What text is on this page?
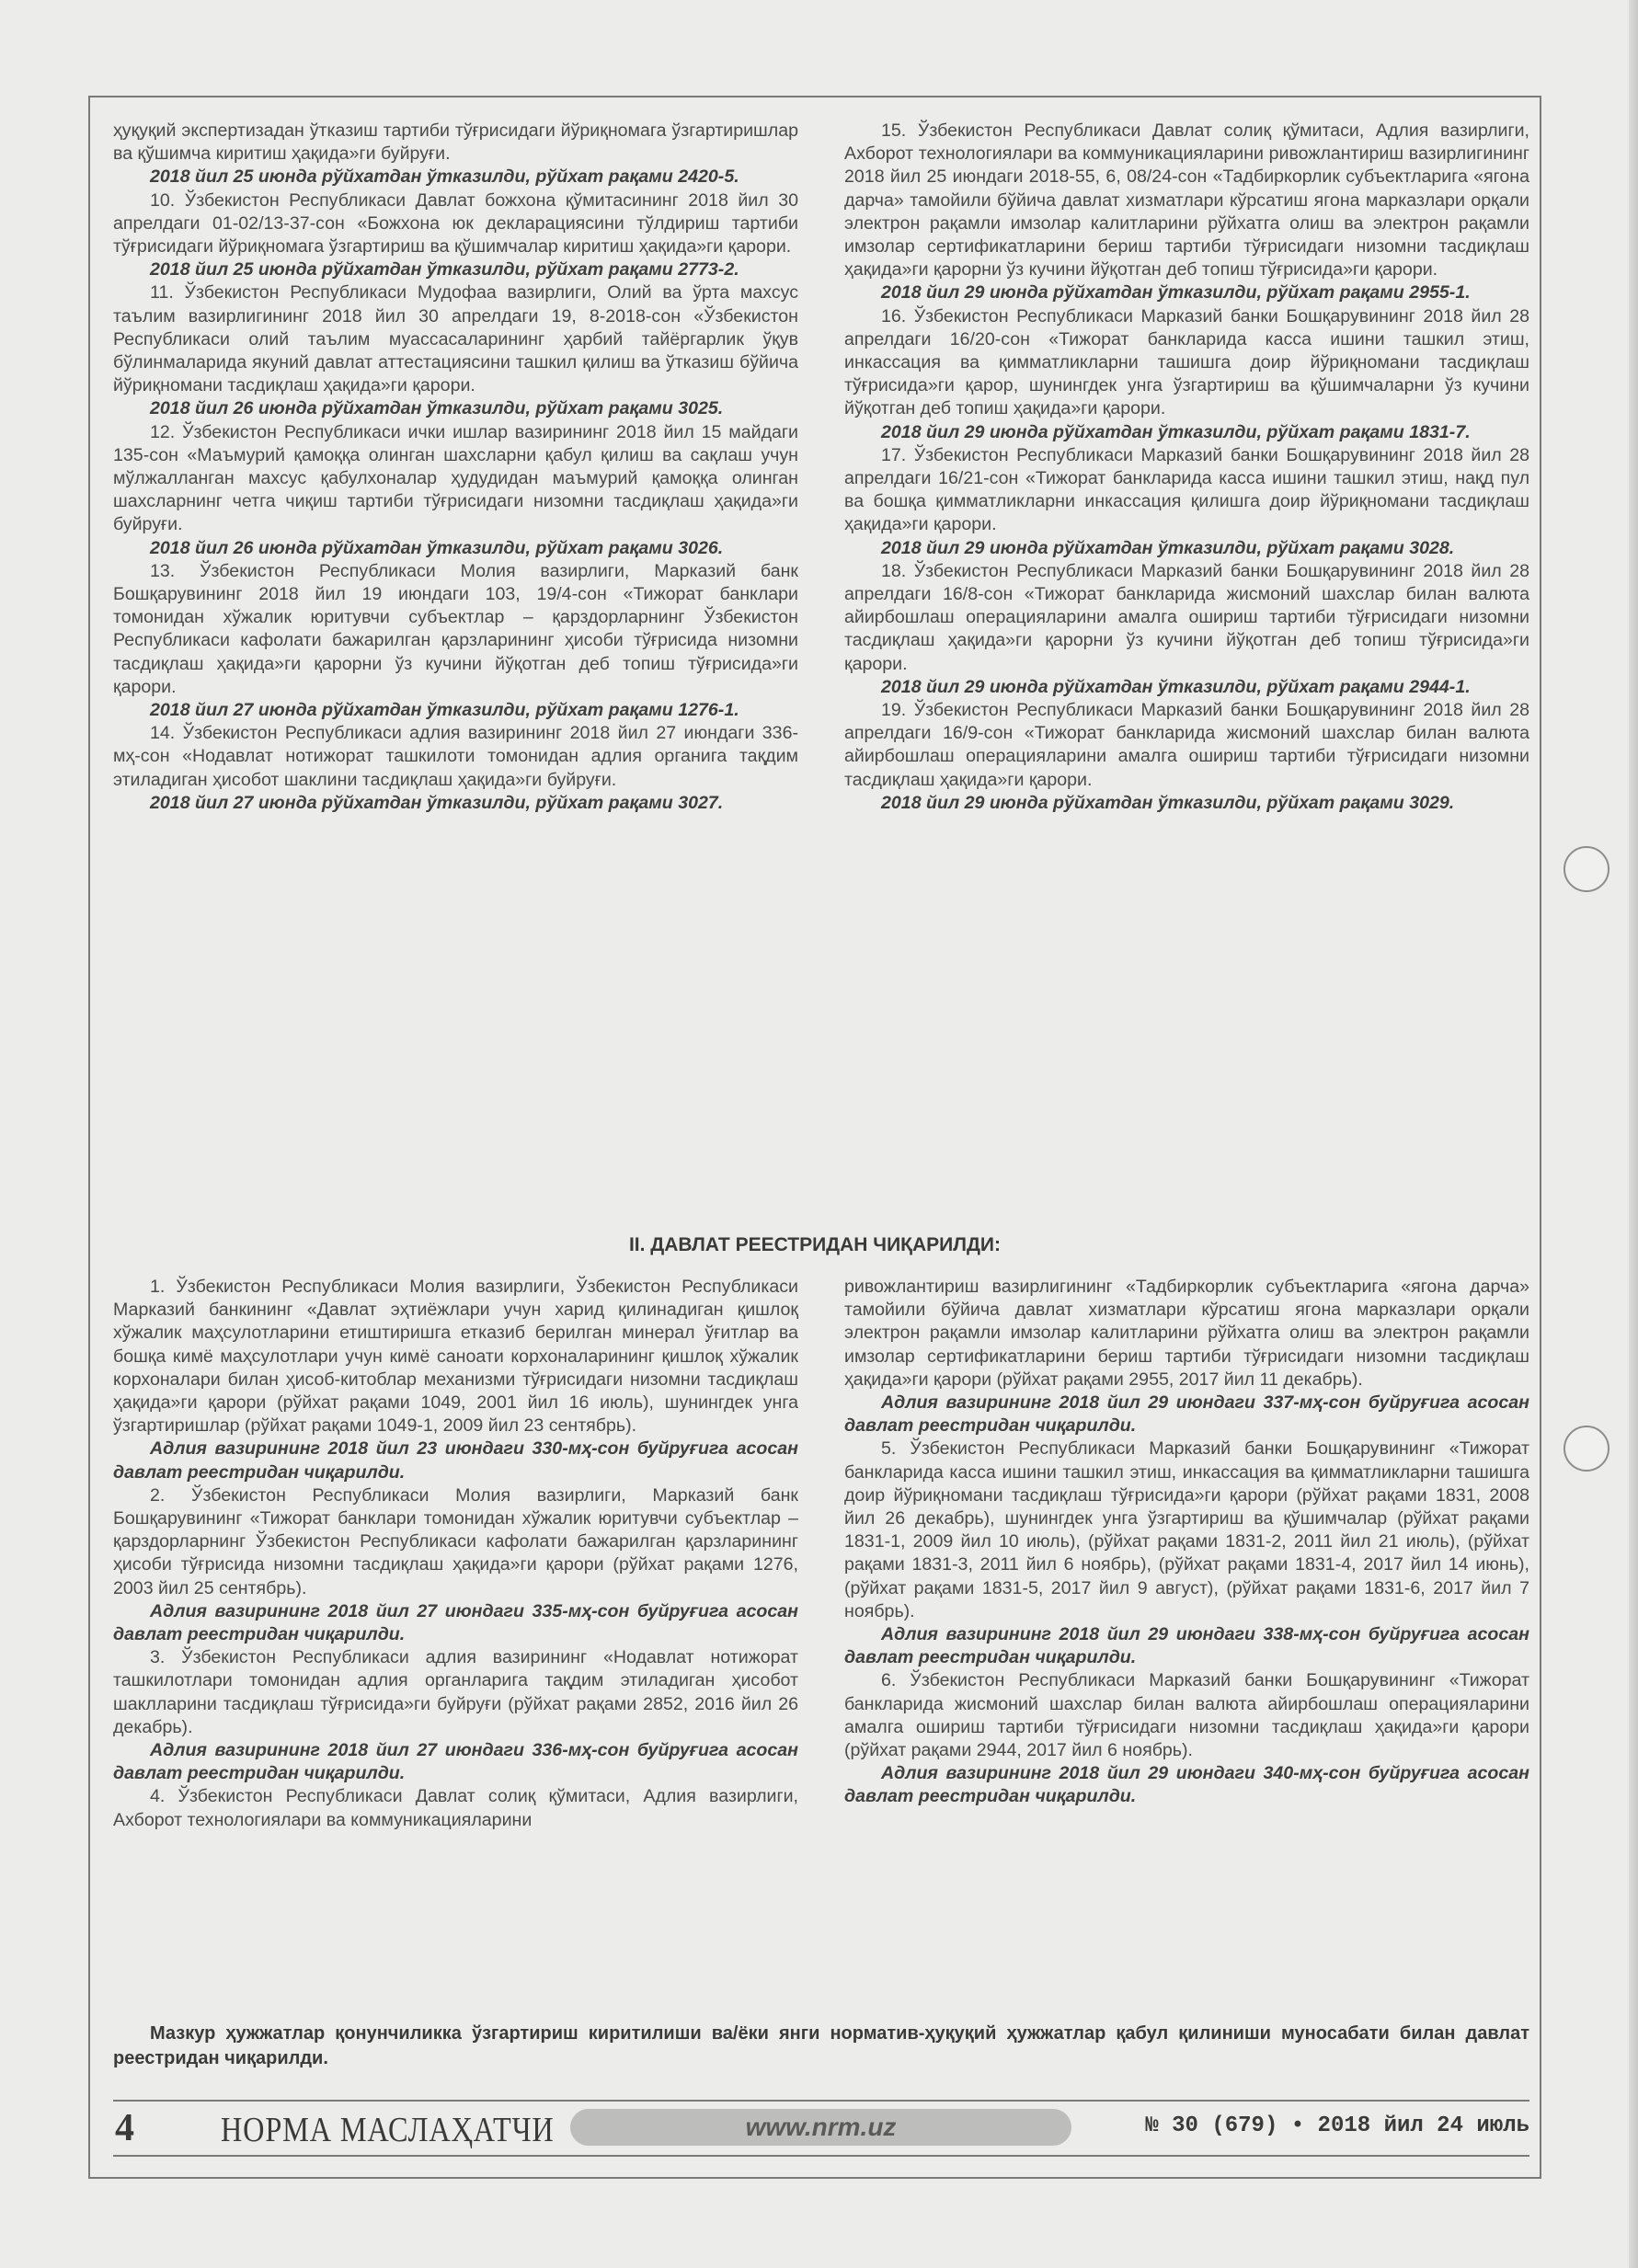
ҳуқуқий экспертизадан ўтказиш тартиби тўғрисидаги йўриқномага ўзгартиришлар ва қўшимча киритиш ҳақида»ги буйруғи.

2018 йил 25 июнда рўйхатдан ўтказилди, рўйхат рақами 2420-5.

10. Ўзбекистон Республикаси Давлат божхона қўмитасининг 2018 йил 30 апрелдаги 01-02/13-37-сон «Божхона юк декларациясини тўлдириш тартиби тўғрисидаги йўриқномага ўзгартириш ва қўшимчалар киритиш ҳақида»ги қарори.

2018 йил 25 июнда рўйхатдан ўтказилди, рўйхат рақами 2773-2.

11. Ўзбекистон Республикаси Мудофаа вазирлиги, Олий ва ўрта махсус таълим вазирлигининг 2018 йил 30 апрелдаги 19, 8-2018-сон «Ўзбекистон Республикаси олий таълим муассасаларининг ҳарбий тайёргарлик ўқув бўлинмаларида якуний давлат аттестациясини ташкил қилиш ва ўтказиш бўйича йўриқномани тасдиқлаш ҳақида»ги қарори.

2018 йил 26 июнда рўйхатдан ўтказилди, рўйхат рақами 3025.

12. Ўзбекистон Республикаси ички ишлар вазирининг 2018 йил 15 майдаги 135-сон «Маъмурий қамоққа олинган шахсларни қабул қилиш ва сақлаш учун мўлжалланган махсус қабулхоналар ҳудудидан маъмурий қамоққа олинган шахсларнинг четга чиқиш тартиби тўғрисидаги низомни тасдиқлаш ҳақида»ги буйруғи.

2018 йил 26 июнда рўйхатдан ўтказилди, рўйхат рақами 3026.

13. Ўзбекистон Республикаси Молия вазирлиги, Марказий банк Бошқарувининг 2018 йил 19 июндаги 103, 19/4-сон «Тижорат банклари томонидан хўжалик юритувчи субъектлар – қарздорларнинг Ўзбекистон Республикаси кафолати бажарилган қарзларининг ҳисоби тўғрисида низомни тасдиқлаш ҳақида»ги қарорни ўз кучини йўқотган деб топиш тўғрисида»ги қарори.

2018 йил 27 июнда рўйхатдан ўтказилди, рўйхат рақами 1276-1.

14. Ўзбекистон Республикаси адлия вазирининг 2018 йил 27 июндаги 336-мҳ-сон «Нодавлат нотижорат ташкилоти томонидан адлия органига тақдим этиладиган ҳисобот шаклини тасдиқлаш ҳақида»ги буйруғи.

2018 йил 27 июнда рўйхатдан ўтказилди, рўйхат рақами 3027.

15. Ўзбекистон Республикаси Давлат солиқ қўмитаси, Адлия вазирлиги, Ахборот технологиялари ва коммуникацияларини ривожлантириш вазирлигининг 2018 йил 25 июндаги 2018-55, 6, 08/24-сон «Тадбиркорлик субъектларига «ягона дарча» тамойили бўйича давлат хизматлари кўрсатиш ягона марказлари орқали электрон рақамли имзолар калитларини рўйхатга олиш ва электрон рақамли имзолар сертификатларини бериш тартиби тўғрисидаги низомни тасдиқлаш ҳақида»ги қарорни ўз кучини йўқотган деб топиш тўғрисида»ги қарори.

2018 йил 29 июнда рўйхатдан ўтказилди, рўйхат рақами 2955-1.

16. Ўзбекистон Республикаси Марказий банки Бошқарувининг 2018 йил 28 апрелдаги 16/20-сон «Тижорат банкларида касса ишини ташкил этиш, инкассация ва қимматликларни ташишга доир йўриқномани тасдиқлаш тўғрисида»ги қарор, шунингдек унга ўзгартириш ва қўшимчаларни ўз кучини йўқотган деб топиш ҳақида»ги қарори.

2018 йил 29 июнда рўйхатдан ўтказилди, рўйхат рақами 1831-7.

17. Ўзбекистон Республикаси Марказий банки Бошқарувининг 2018 йил 28 апрелдаги 16/21-сон «Тижорат банкларида касса ишини ташкил этиш, нақд пул ва бошқа қимматликларни инкассация қилишга доир йўриқномани тасдиқлаш ҳақида»ги қарори.

2018 йил 29 июнда рўйхатдан ўтказилди, рўйхат рақами 3028.

18. Ўзбекистон Республикаси Марказий банки Бошқарувининг 2018 йил 28 апрелдаги 16/8-сон «Тижорат банкларида жисмоний шахслар билан валюта айирбошлаш операцияларини амалга ошириш тартиби тўғрисидаги низомни тасдиқлаш ҳақида»ги қарорни ўз кучини йўқотган деб топиш тўғрисида»ги қарори.

2018 йил 29 июнда рўйхатдан ўтказилди, рўйхат рақами 2944-1.

19. Ўзбекистон Республикаси Марказий банки Бошқарувининг 2018 йил 28 апрелдаги 16/9-сон «Тижорат банкларида жисмоний шахслар билан валюта айирбошлаш операцияларини амалга ошириш тартиби тўғрисидаги низомни тасдиқлаш ҳақида»ги қарори.

2018 йил 29 июнда рўйхатдан ўтказилди, рўйхат рақами 3029.

II. ДАВЛАТ РЕЕСТРИДАН ЧИҚАРИЛДИ:

1. Ўзбекистон Республикаси Молия вазирлиги, Ўзбекистон Республикаси Марказий банкининг «Давлат эҳтиёжлари учун харид қилинадиган қишлоқ хўжалик маҳсулотларини етиштиришга етказиб берилган минерал ўғитлар ва бошқа кимё маҳсулотлари учун кимё саноати корхоналарининг қишлоқ хўжалик корхоналари билан ҳисоб-китоблар механизми тўғрисидаги низомни тасдиқлаш ҳақида»ги қарори (рўйхат рақами 1049, 2001 йил 16 июль), шунингдек унга ўзгартиришлар (рўйхат рақами 1049-1, 2009 йил 23 сентябрь).

Адлия вазирининг 2018 йил 23 июндаги 330-мҳ-сон буйруғига асосан давлат реестридан чиқарилди.

2. Ўзбекистон Республикаси Молия вазирлиги, Марказий банк Бошқарувининг «Тижорат банклари томонидан хўжалик юритувчи субъектлар – қарздорларнинг Ўзбекистон Республикаси кафолати бажарилган қарзларининг ҳисоби тўғрисида низомни тасдиқлаш ҳақида»ги қарори (рўйхат рақами 1276, 2003 йил 25 сентябрь).

Адлия вазирининг 2018 йил 27 июндаги 335-мҳ-сон буйруғига асосан давлат реестридан чиқарилди.

3. Ўзбекистон Республикаси адлия вазирининг «Нодавлат нотижорат ташкилотлари томонидан адлия органларига тақдим этиладиган ҳисобот шаклларини тасдиқлаш тўғрисида»ги буйруғи (рўйхат рақами 2852, 2016 йил 26 декабрь).

Адлия вазирининг 2018 йил 27 июндаги 336-мҳ-сон буйруғига асосан давлат реестридан чиқарилди.

4. Ўзбекистон Республикаси Давлат солиқ қўмитаси, Адлия вазирлиги, Ахборот технологиялари ва коммуникацияларини

ривожлантириш вазирлигининг «Тадбиркорлик субъектларига «ягона дарча» тамойили бўйича давлат хизматлари кўрсатиш ягона марказлари орқали электрон рақамли имзолар калитларини рўйхатга олиш ва электрон рақамли имзолар сертификатларини бериш тартиби тўғрисидаги низомни тасдиқлаш ҳақида»ги қарори (рўйхат рақами 2955, 2017 йил 11 декабрь).

Адлия вазирининг 2018 йил 29 июндаги 337-мҳ-сон буйруғига асосан давлат реестридан чиқарилди.

5. Ўзбекистон Республикаси Марказий банки Бошқарувининг «Тижорат банкларида касса ишини ташкил этиш, инкассация ва қимматликларни ташишга доир йўриқномани тасдиқлаш тўғрисида»ги қарори (рўйхат рақами 1831, 2008 йил 26 декабрь), шунингдек унга ўзгартириш ва қўшимчалар (рўйхат рақами 1831-1, 2009 йил 10 июль), (рўйхат рақами 1831-2, 2011 йил 21 июль), (рўйхат рақами 1831-3, 2011 йил 6 ноябрь), (рўйхат рақами 1831-4, 2017 йил 14 июнь), (рўйхат рақами 1831-5, 2017 йил 9 август), (рўйхат рақами 1831-6, 2017 йил 7 ноябрь).

Адлия вазирининг 2018 йил 29 июндаги 338-мҳ-сон буйруғига асосан давлат реестридан чиқарилди.

6. Ўзбекистон Республикаси Марказий банки Бошқарувининг «Тижорат банкларида жисмоний шахслар билан валюта айирбошлаш операцияларини амалга ошириш тартиби тўғрисидаги низомни тасдиқлаш ҳақида»ги қарори (рўйхат рақами 2944, 2017 йил 6 ноябрь).

Адлия вазирининг 2018 йил 29 июндаги 340-мҳ-сон буйруғига асосан давлат реестридан чиқарилди.

Мазкур ҳужжатлар қонунчиликка ўзгартириш киритилиши ва/ёки янги норматив-ҳуқуқий ҳужжатлар қабул қилиниши муносабати билан давлат реестридан чиқарилди.
4 НОРМА МАСЛАҲАТЧИ	www.nrm.uz	№ 30 (679) • 2018 йил 24 июль
